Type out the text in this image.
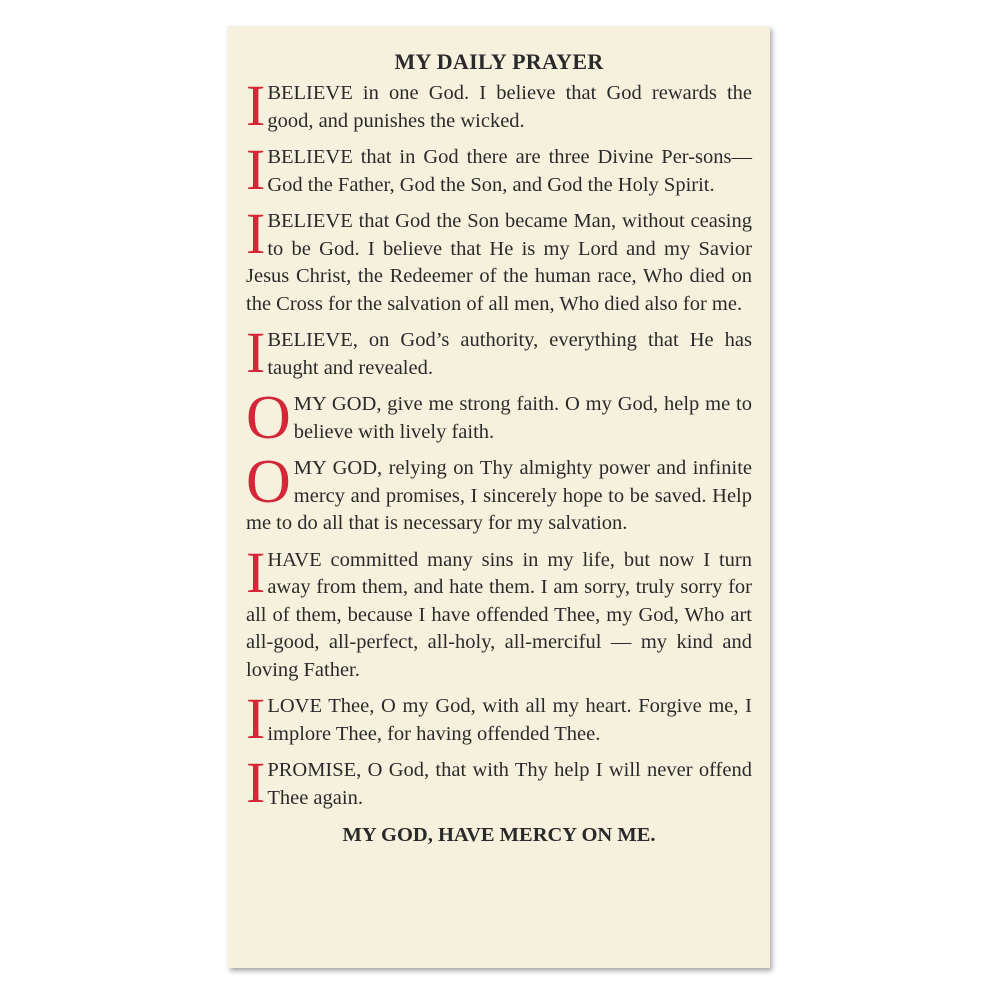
MY DAILY PRAYER
IBELIEVE in one God. I believe that God rewards the good, and punishes the wicked.
IBELIEVE that in God there are three Divine Per-sons—God the Father, God the Son, and God the Holy Spirit.
IBELIEVE that God the Son became Man, without ceasing to be God. I believe that He is my Lord and my Savior Jesus Christ, the Redeemer of the human race, Who died on the Cross for the salvation of all men, Who died also for me.
IBELIEVE, on God’s authority, everything that He has taught and revealed.
OMY GOD, give me strong faith. O my God, help me to believe with lively faith.
OMY GOD, relying on Thy almighty power and infinite mercy and promises, I sincerely hope to be saved. Help me to do all that is necessary for my salvation.
IHAVE committed many sins in my life, but now I turn away from them, and hate them. I am sorry, truly sorry for all of them, because I have offended Thee, my God, Who art all-good, all-perfect, all-holy, all-merciful — my kind and loving Father.
ILOVE Thee, O my God, with all my heart. Forgive me, I implore Thee, for having offended Thee.
IPROMISE, O God, that with Thy help I will never offend Thee again.
MY GOD, HAVE MERCY ON ME.
